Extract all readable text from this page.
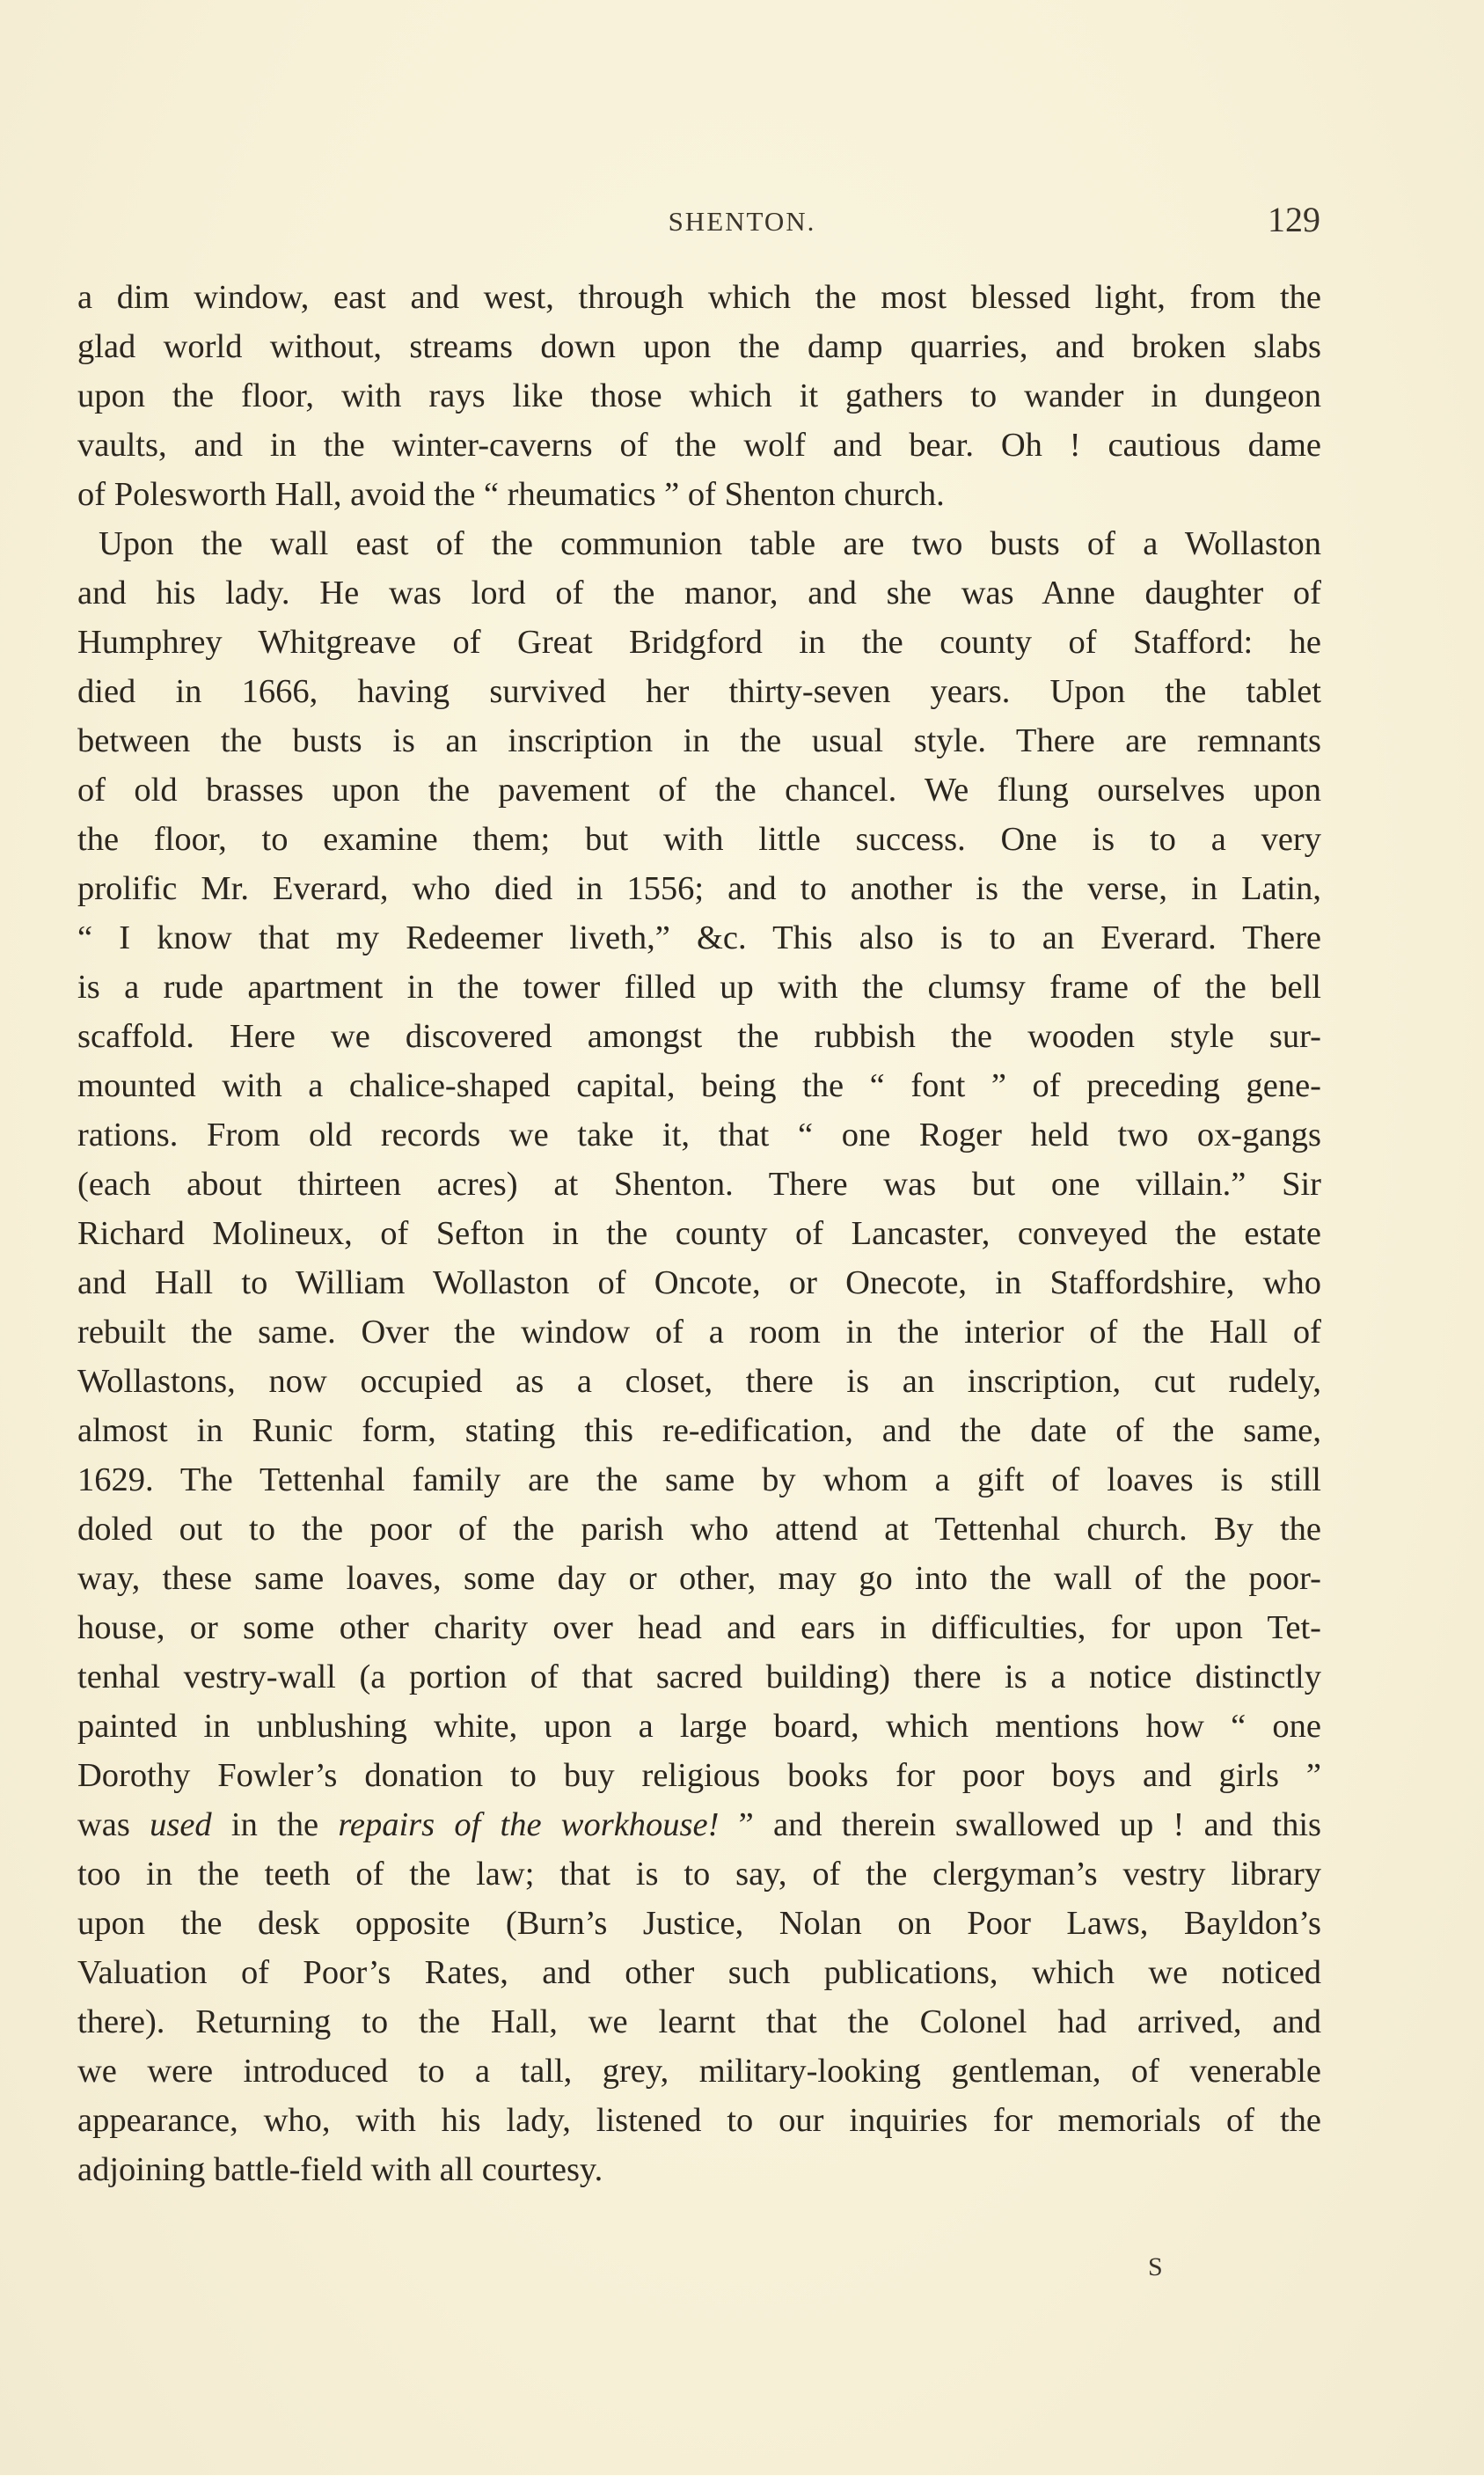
SHENTON.	129
a dim window, east and west, through which the most blessed light, from the
glad world without, streams down upon the damp quarries, and broken slabs
upon the floor, with rays like those which it gathers to wander in dungeon
vaults, and in the winter-caverns of the wolf and bear. Oh ! cautious dame
of Polesworth Hall, avoid the “ rheumatics ” of Shenton church.
Upon the wall east of the communion table are two busts of a Wollaston
and his lady. He was lord of the manor, and she was Anne daughter of
Humphrey Whitgreave of Great Bridgford in the county of Stafford: he
died in 1666, having survived her thirty-seven years. Upon the tablet
between the busts is an inscription in the usual style. There are remnants
of old brasses upon the pavement of the chancel. We flung ourselves upon
the floor, to examine them; but with little success. One is to a very
prolific Mr. Everard, who died in 1556; and to another is the verse, in Latin,
“ I know that my Redeemer liveth,” &c. This also is to an Everard. There
is a rude apartment in the tower filled up with the clumsy frame of the bell
scaffold. Here we discovered amongst the rubbish the wooden style sur-
mounted with a chalice-shaped capital, being the “ font ” of preceding gene-
rations. From old records we take it, that “ one Roger held two ox-gangs
(each about thirteen acres) at Shenton. There was but one villain.” Sir
Richard Molineux, of Sefton in the county of Lancaster, conveyed the estate
and Hall to William Wollaston of Oncote, or Onecote, in Staffordshire, who
rebuilt the same. Over the window of a room in the interior of the Hall of
Wollastons, now occupied as a closet, there is an inscription, cut rudely,
almost in Runic form, stating this re-edification, and the date of the same,
1629. The Tettenhal family are the same by whom a gift of loaves is still
doled out to the poor of the parish who attend at Tettenhal church. By the
way, these same loaves, some day or other, may go into the wall of the poor-
house, or some other charity over head and ears in difficulties, for upon Tet-
tenhal vestry-wall (a portion of that sacred building) there is a notice distinctly
painted in unblushing white, upon a large board, which mentions how “ one
Dorothy Fowler’s donation to buy religious books for poor boys and girls ”
was used in the repairs of the workhouse! ” and therein swallowed up ! and this
too in the teeth of the law; that is to say, of the clergyman’s vestry library
upon the desk opposite (Burn’s Justice, Nolan on Poor Laws, Bayldon’s
Valuation of Poor’s Rates, and other such publications, which we noticed
there). Returning to the Hall, we learnt that the Colonel had arrived, and
we were introduced to a tall, grey, military-looking gentleman, of venerable
appearance, who, with his lady, listened to our inquiries for memorials of the
adjoining battle-field with all courtesy.
S
